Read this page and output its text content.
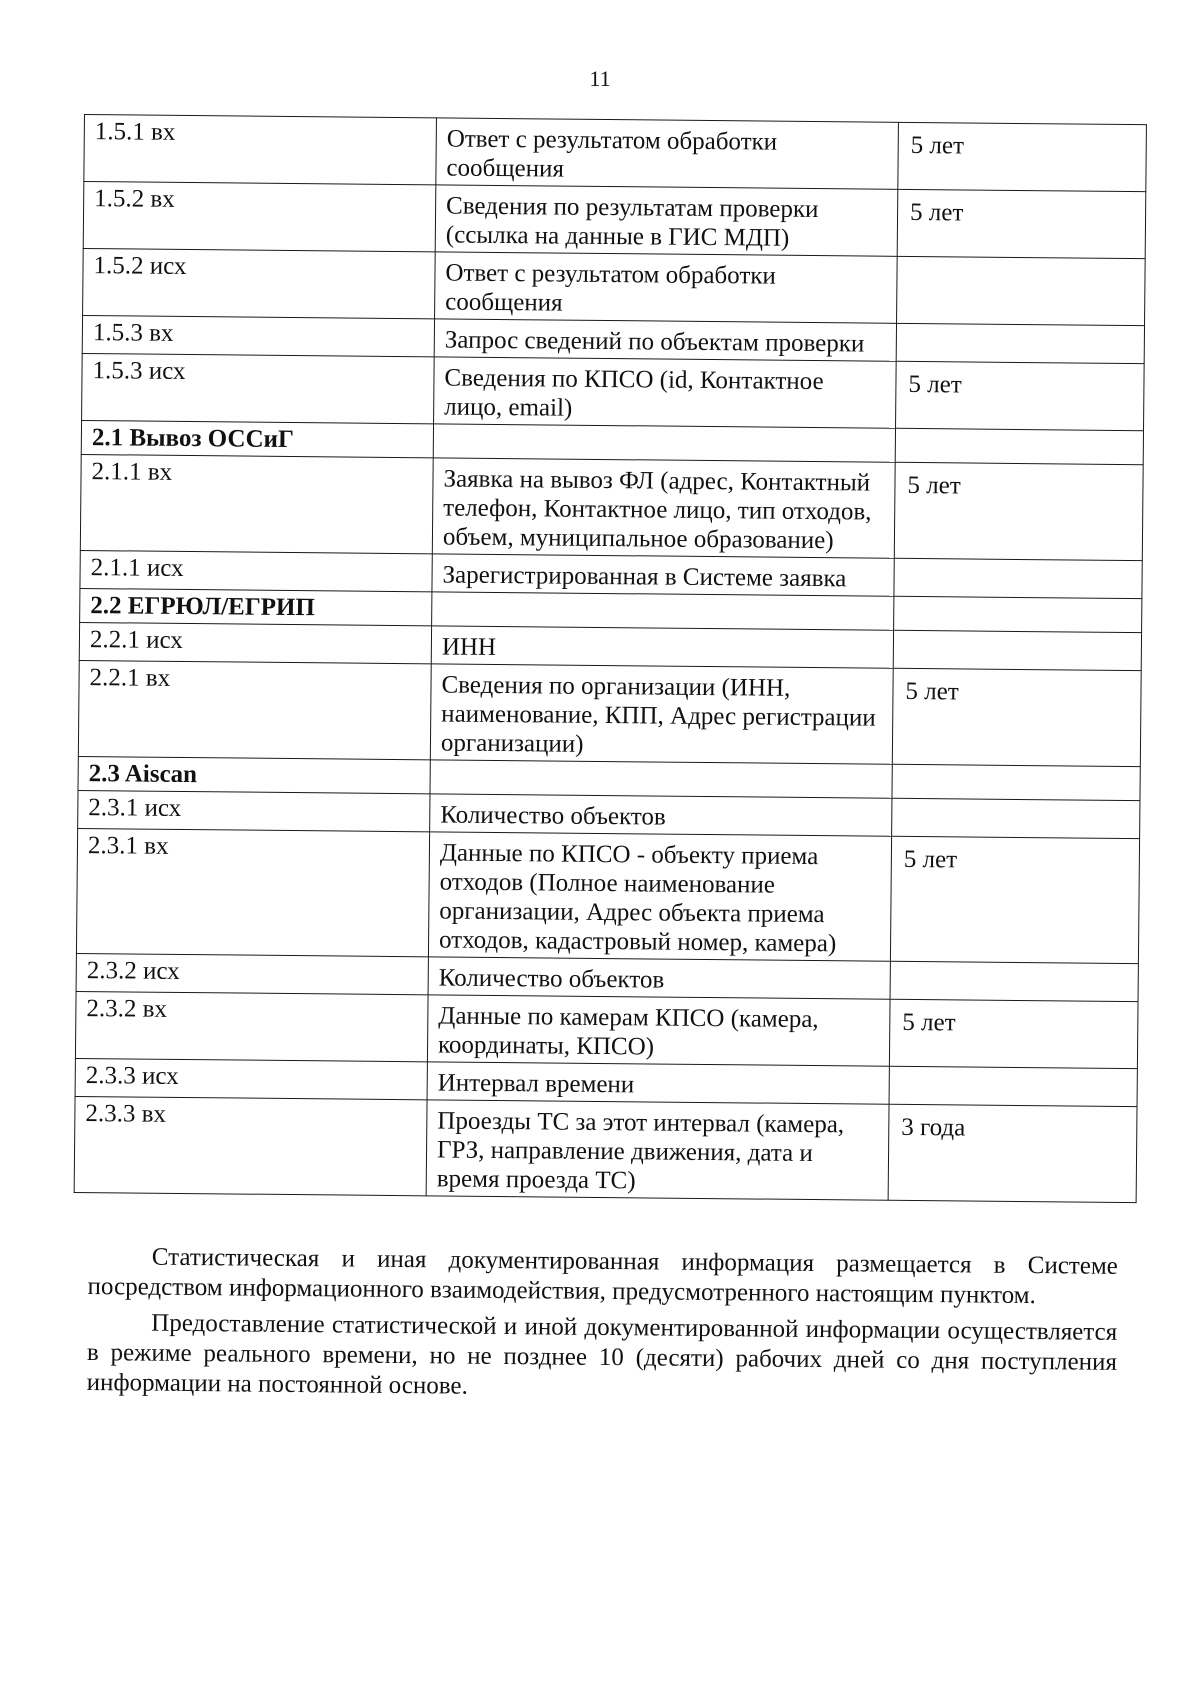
11
1.5.1 вх	Ответ с результатом обработки сообщения	5 лет
1.5.2 вх	Сведения по результатам проверки (ссылка на данные в ГИС МДП)	5 лет
1.5.2 исх	Ответ с результатом обработки сообщения	
1.5.3 вх	Запрос сведений по объектам проверки	
1.5.3 исх	Сведения по КПСО (id, Контактное лицо, email)	5 лет
2.1 Вывоз ОССиГ		
2.1.1 вх	Заявка на вывоз ФЛ (адрес, Контактный телефон, Контактное лицо, тип отходов, объем, муниципальное образование)	5 лет
2.1.1 исх	Зарегистрированная в Системе заявка	
2.2 ЕГРЮЛ/ЕГРИП		
2.2.1 исх	ИНН	
2.2.1 вх	Сведения по организации (ИНН, наименование, КПП, Адрес регистрации организации)	5 лет
2.3 Aiscan		
2.3.1 исх	Количество объектов	
2.3.1 вх	Данные по КПСО - объекту приема отходов (Полное наименование организации, Адрес объекта приема отходов, кадастровый номер, камера)	5 лет
2.3.2 исх	Количество объектов	
2.3.2 вх	Данные по камерам КПСО (камера, координаты, КПСО)	5 лет
2.3.3 исх	Интервал времени	
2.3.3 вх	Проезды ТС за этот интервал (камера, ГРЗ, направление движения, дата и время проезда ТС)	3 года

Статистическая и иная документированная информация размещается в Системе посредством информационного взаимодействия, предусмотренного настоящим пунктом.

Предоставление статистической и иной документированной информации осуществляется в режиме реального времени, но не позднее 10 (десяти) рабочих дней со дня поступления информации на постоянной основе.
